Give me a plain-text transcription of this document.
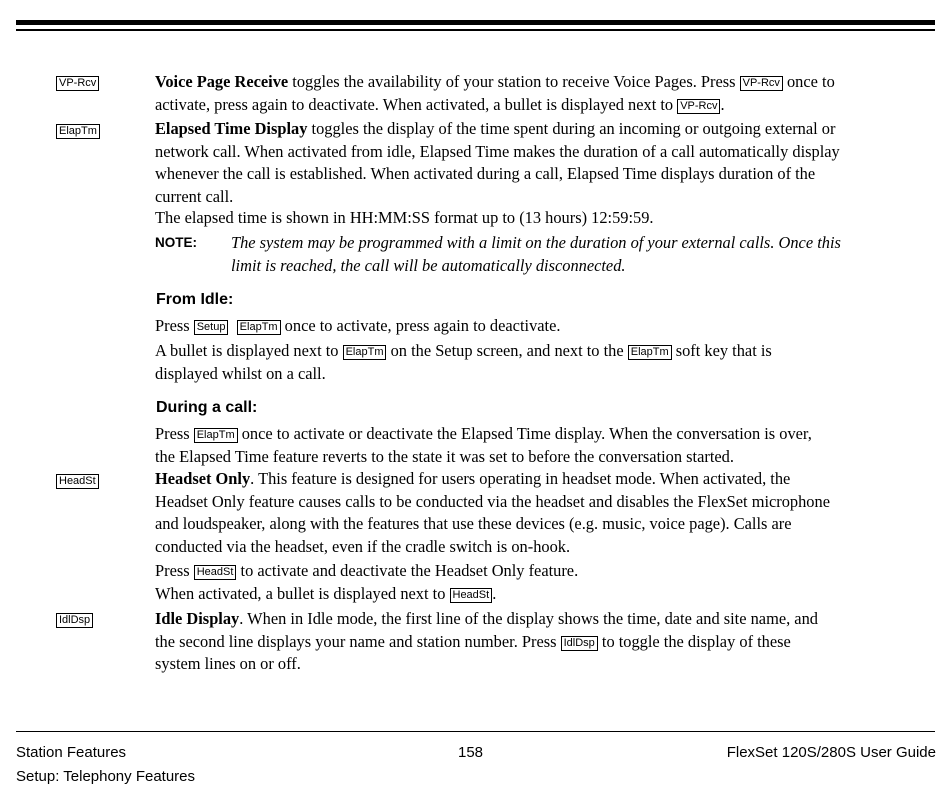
VP-Rcv	Voice Page Receive toggles the availability of your station to receive Voice Pages. Press VP-Rcv once to

activate, press again to deactivate. When activated, a bullet is displayed next to VP-Rcv .

ElapTm	Elapsed Time Display toggles the display of the time spent during an incoming or outgoing external or

network call. When activated from idle, Elapsed Time makes the duration of a call automatically display

whenever the call is established. When activated during a call, Elapsed Time displays duration of the

current call.

The elapsed time is shown in HH:MM:SS format up to (13 hours) 12:59:59.

NOTE: The system may be programmed with a limit on the duration of your external calls. Once this
limit is reached, the call will be automatically disconnected.
From Idle:

Press Setup ElapTm once to activate, press again to deactivate.

A bullet is displayed next to ElapTm on the Setup screen, and next to the ElapTm soft key that is

displayed whilst on a call.

During a call:

Press ElapTm once to activate or deactivate the Elapsed Time display. When the conversation is over,

the Elapsed Time feature reverts to the state it was set to before the conversation started.

HeadSt	Headset Only. This feature is designed for users operating in headset mode. When activated, the

Headset Only feature causes calls to be conducted via the headset and disables the FlexSet microphone

and loudspeaker, along with the features that use these devices (e.g. music, voice page). Calls are

conducted via the headset, even if the cradle switch is on-hook.

Press HeadSt to activate and deactivate the Headset Only feature.

When activated, a bullet is displayed next to HeadSt .

IdlDsp	Idle Display. When in Idle mode, the first line of the display shows the time, date and site name, and

the second line displays your name and station number. Press IdlDsp to toggle the display of these

system lines on or off.

Station Features
Setup: Telephony Features
158	FlexSet 120S/280S User Guide
